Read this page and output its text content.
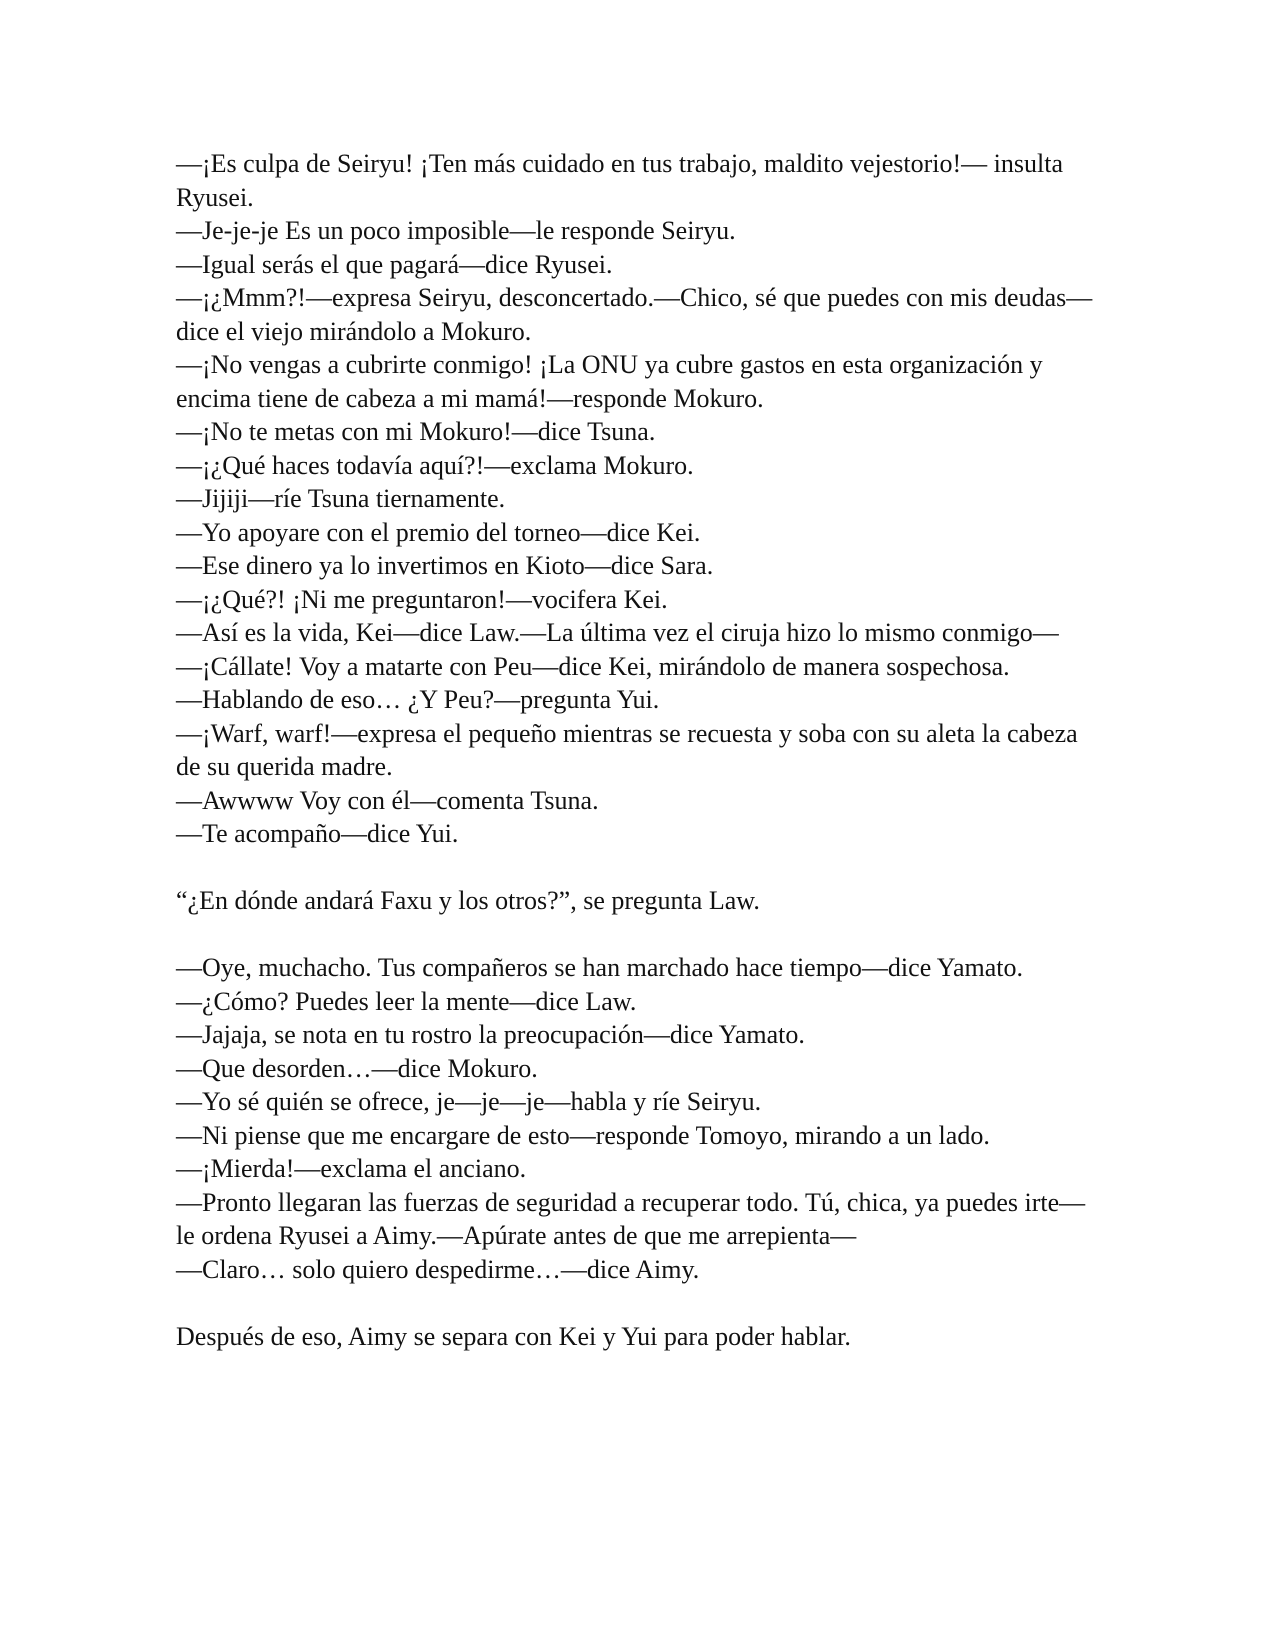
—¡Es culpa de Seiryu! ¡Ten más cuidado en tus trabajo, maldito vejestorio!— insulta Ryusei.

—Je-je-je Es un poco imposible—le responde Seiryu.

—Igual serás el que pagará—dice Ryusei.

—¡¿Mmm?!—expresa Seiryu, desconcertado.—Chico, sé que puedes con mis deudas—dice el viejo mirándolo a Mokuro.

—¡No vengas a cubrirte conmigo! ¡La ONU ya cubre gastos en esta organización y encima tiene de cabeza a mi mamá!—responde Mokuro.

—¡No te metas con mi Mokuro!—dice Tsuna.

—¡¿Qué haces todavía aquí?!—exclama Mokuro.

—Jijiji—ríe Tsuna tiernamente.

—Yo apoyare con el premio del torneo—dice Kei.

—Ese dinero ya lo invertimos en Kioto—dice Sara.

—¡¿Qué?! ¡Ni me preguntaron!—vocifera Kei.

—Así es la vida, Kei—dice Law.—La última vez el ciruja hizo lo mismo conmigo—

—¡Cállate! Voy a matarte con Peu—dice Kei, mirándolo de manera sospechosa.

—Hablando de eso… ¿Y Peu?—pregunta Yui.

—¡Warf, warf!—expresa el pequeño mientras se recuesta y soba con su aleta la cabeza de su querida madre.

—Awwww Voy con él—comenta Tsuna.

—Te acompaño—dice Yui.

“¿En dónde andará Faxu y los otros?”, se pregunta Law.

—Oye, muchacho. Tus compañeros se han marchado hace tiempo—dice Yamato.

—¿Cómo? Puedes leer la mente—dice Law.

—Jajaja, se nota en tu rostro la preocupación—dice Yamato.

—Que desorden…—dice Mokuro.

—Yo sé quién se ofrece, je—je—je—habla y ríe Seiryu.

—Ni piense que me encargare de esto—responde Tomoyo, mirando a un lado.

—¡Mierda!—exclama el anciano.

—Pronto llegaran las fuerzas de seguridad a recuperar todo. Tú, chica, ya puedes irte—le ordena Ryusei a Aimy.—Apúrate antes de que me arrepienta—

—Claro… solo quiero despedirme…—dice Aimy.

Después de eso, Aimy se separa con Kei y Yui para poder hablar.
